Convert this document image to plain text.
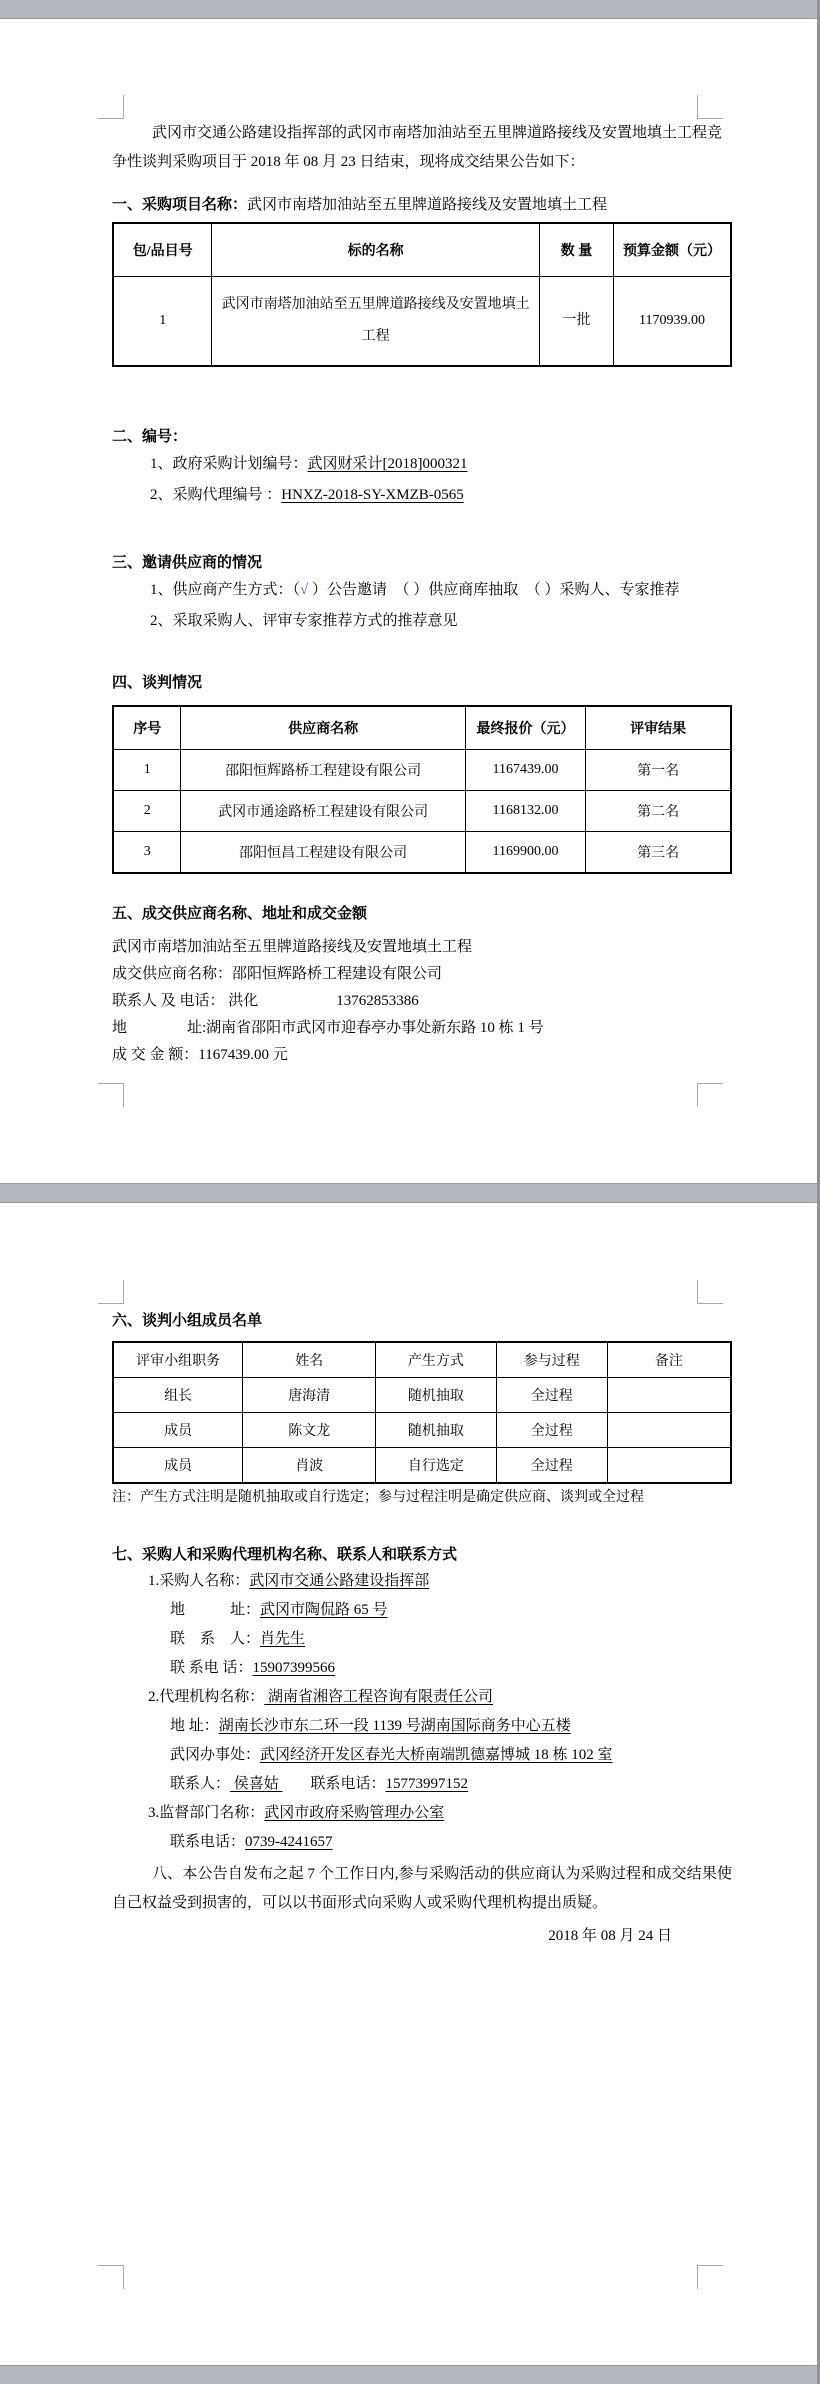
武冈市交通公路建设指挥部的武冈市南塔加油站至五里牌道路接线及安置地填土工程竞争性谈判采购项目于 2018 年 08 月 23 日结束，现将成交结果公告如下：

一、采购项目名称：武冈市南塔加油站至五里牌道路接线及安置地填土工程

包/品目号	标的名称	数 量	预算金额（元）
1	武冈市南塔加油站至五里牌道路接线及安置地填土工程	一批	1170939.00

二、编号：

1、政府采购计划编号：武冈财采计[2018]000321

2、采购代理编号 ：HNXZ-2018-SY-XMZB-0565

三、邀请供应商的情况

1、供应商产生方式：（√ ）公告邀请　（ ）供应商库抽取　（ ）采购人、专家推荐

2、采取采购人、评审专家推荐方式的推荐意见

四、谈判情况

序号	供应商名称	最终报价（元）	评审结果
1	邵阳恒辉路桥工程建设有限公司	1167439.00	第一名
2	武冈市通途路桥工程建设有限公司	1168132.00	第二名
3	邵阳恒昌工程建设有限公司	1169900.00	第三名

五、成交供应商名称、地址和成交金额

武冈市南塔加油站至五里牌道路接线及安置地填土工程

成交供应商名称：邵阳恒辉路桥工程建设有限公司

联系人 及 电话： 洪化	13762853386

地　　　　址:湖南省邵阳市武冈市迎春亭办事处新东路 10 栋 1 号

成 交 金 额：1167439.00 元

六、谈判小组成员名单

评审小组职务	姓名	产生方式	参与过程	备注
组长	唐海清	随机抽取	全过程	
成员	陈文龙	随机抽取	全过程	
成员	肖波	自行选定	全过程	

注：产生方式注明是随机抽取或自行选定；参与过程注明是确定供应商、谈判或全过程

七、采购人和采购代理机构名称、联系人和联系方式

1.采购人名称：武冈市交通公路建设指挥部

地　　　址：武冈市陶侃路 65 号

联　系　人：肖先生

联 系电 话：15907399566

2.代理机构名称： 湖南省湘咨工程咨询有限责任公司

地 址：湖南长沙市东二环一段 1139 号湖南国际商务中心五楼

武冈办事处：武冈经济开发区春光大桥南端凯德嘉博城 18 栋 102 室

联系人： 侯喜姑 联系电话：15773997152

3.监督部门名称：武冈市政府采购管理办公室

联系电话：0739-4241657

八、本公告自发布之起 7 个工作日内,参与采购活动的供应商认为采购过程和成交结果使自己权益受到损害的，可以以书面形式向采购人或采购代理机构提出质疑。

2018 年 08 月 24 日
